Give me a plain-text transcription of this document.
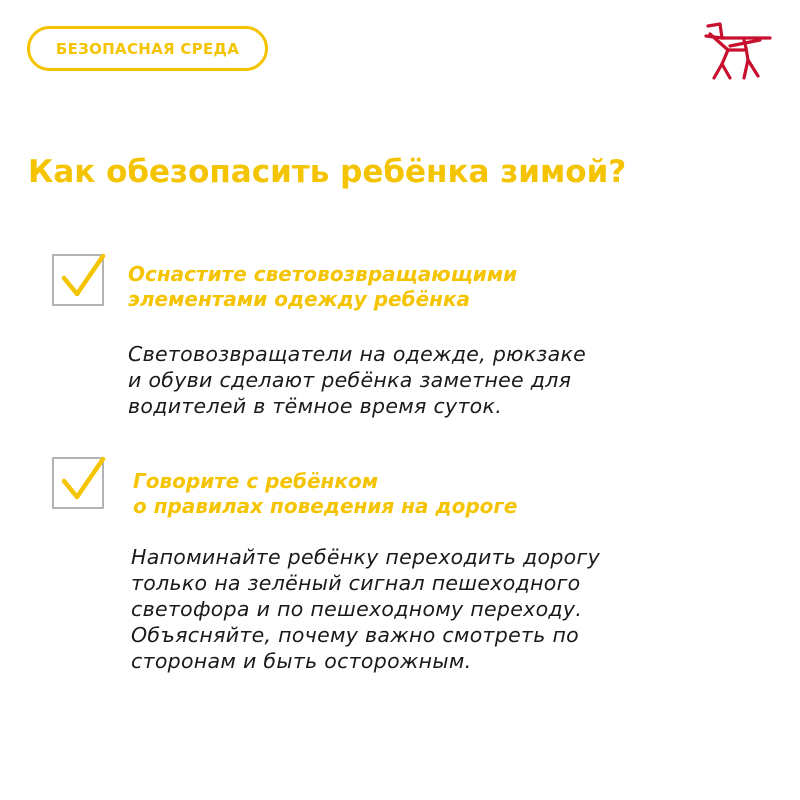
БЕЗОПАСНАЯ СРЕДА
Как обезопасить ребёнка зимой?

Оснастите световозвращающими
элементами одежду ребёнка

Световозвращатели на одежде, рюкзаке
и обуви сделают ребёнка заметнее для
водителей в тёмное время суток.

Говорите с ребёнком
о правилах поведения на дороге

Напоминайте ребёнку переходить дорогу
только на зелёный сигнал пешеходного
светофора и по пешеходному переходу.
Объясняйте, почему важно смотреть по
сторонам и быть осторожным.
